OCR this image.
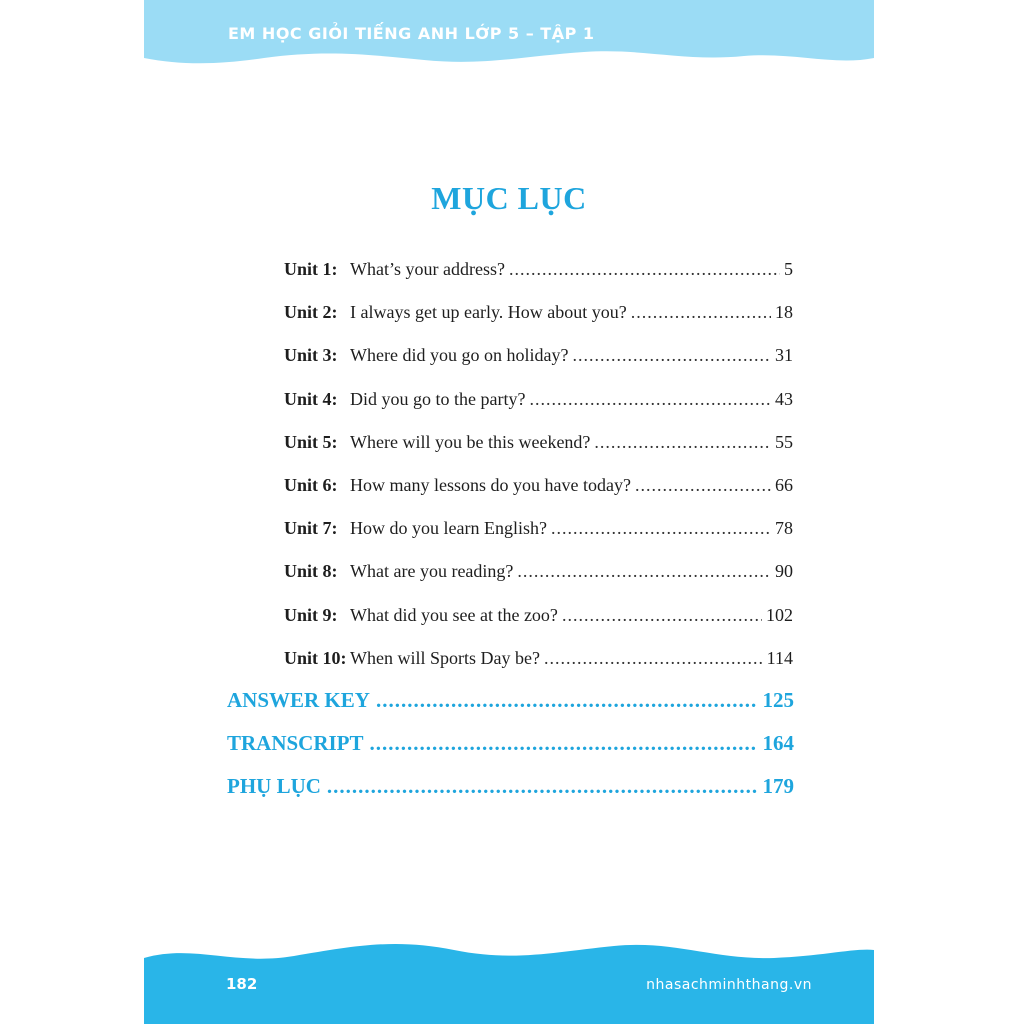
EM HỌC GIỎI TIẾNG ANH LỚP 5 – TẬP 1
MỤC LỤC
Unit 1: What’s your address? .....	5
Unit 2: I always get up early. How about you? .....	18
Unit 3: Where did you go on holiday? .....	31
Unit 4: Did you go to the party? .....	43
Unit 5: Where will you be this weekend? .....	55
Unit 6: How many lessons do you have today? .....	66
Unit 7: How do you learn English? .....	78
Unit 8: What are you reading? .....	90
Unit 9: What did you see at the zoo? .....	102
Unit 10: When will Sports Day be? .....	114
ANSWER KEY .....	125
TRANSCRIPT .....	164
PHỤ LỤC .....	179
182	nhasachminhthang.vn
